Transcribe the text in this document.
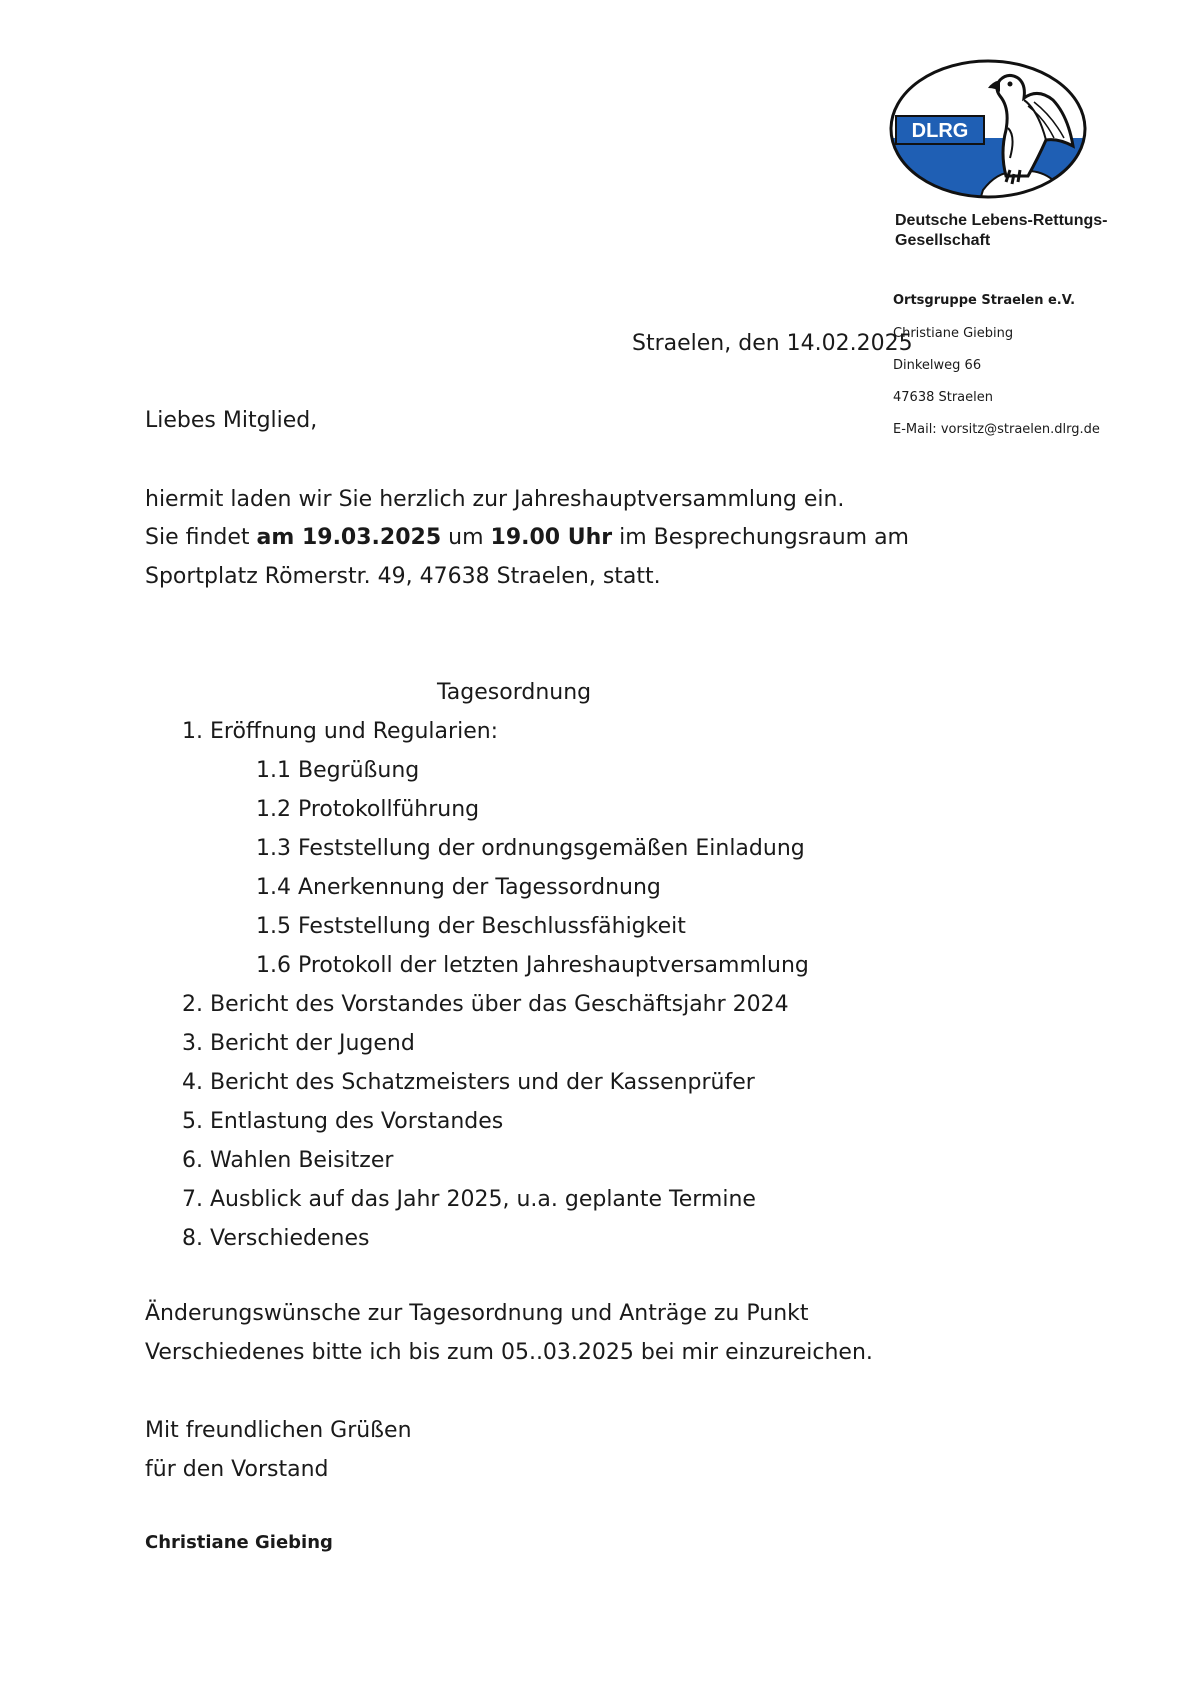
DLRG
Deutsche Lebens-Rettungs-
Gesellschaft
Ortsgruppe Straelen e.V.
Christiane Giebing
Dinkelweg 66
47638 Straelen
E-Mail: vorsitz@straelen.dlrg.de
Straelen, den 14.02.2025
Liebes Mitglied,
hiermit laden wir Sie herzlich zur Jahreshauptversammlung ein.
Sie findet am 19.03.2025 um 19.00 Uhr im Besprechungsraum am
Sportplatz Römerstr. 49, 47638 Straelen, statt.
Tagesordnung
1. Eröffnung und Regularien:
1.1 Begrüßung
1.2 Protokollführung
1.3 Feststellung der ordnungsgemäßen Einladung
1.4 Anerkennung der Tagessordnung
1.5 Feststellung der Beschlussfähigkeit
1.6 Protokoll der letzten Jahreshauptversammlung
2. Bericht des Vorstandes über das Geschäftsjahr 2024
3. Bericht der Jugend
4. Bericht des Schatzmeisters und der Kassenprüfer
5. Entlastung des Vorstandes
6. Wahlen Beisitzer
7. Ausblick auf das Jahr 2025, u.a. geplante Termine
8. Verschiedenes
Änderungswünsche zur Tagesordnung und Anträge zu Punkt
Verschiedenes bitte ich bis zum 05..03.2025 bei mir einzureichen.
Mit freundlichen Grüßen
für den Vorstand
Christiane Giebing
